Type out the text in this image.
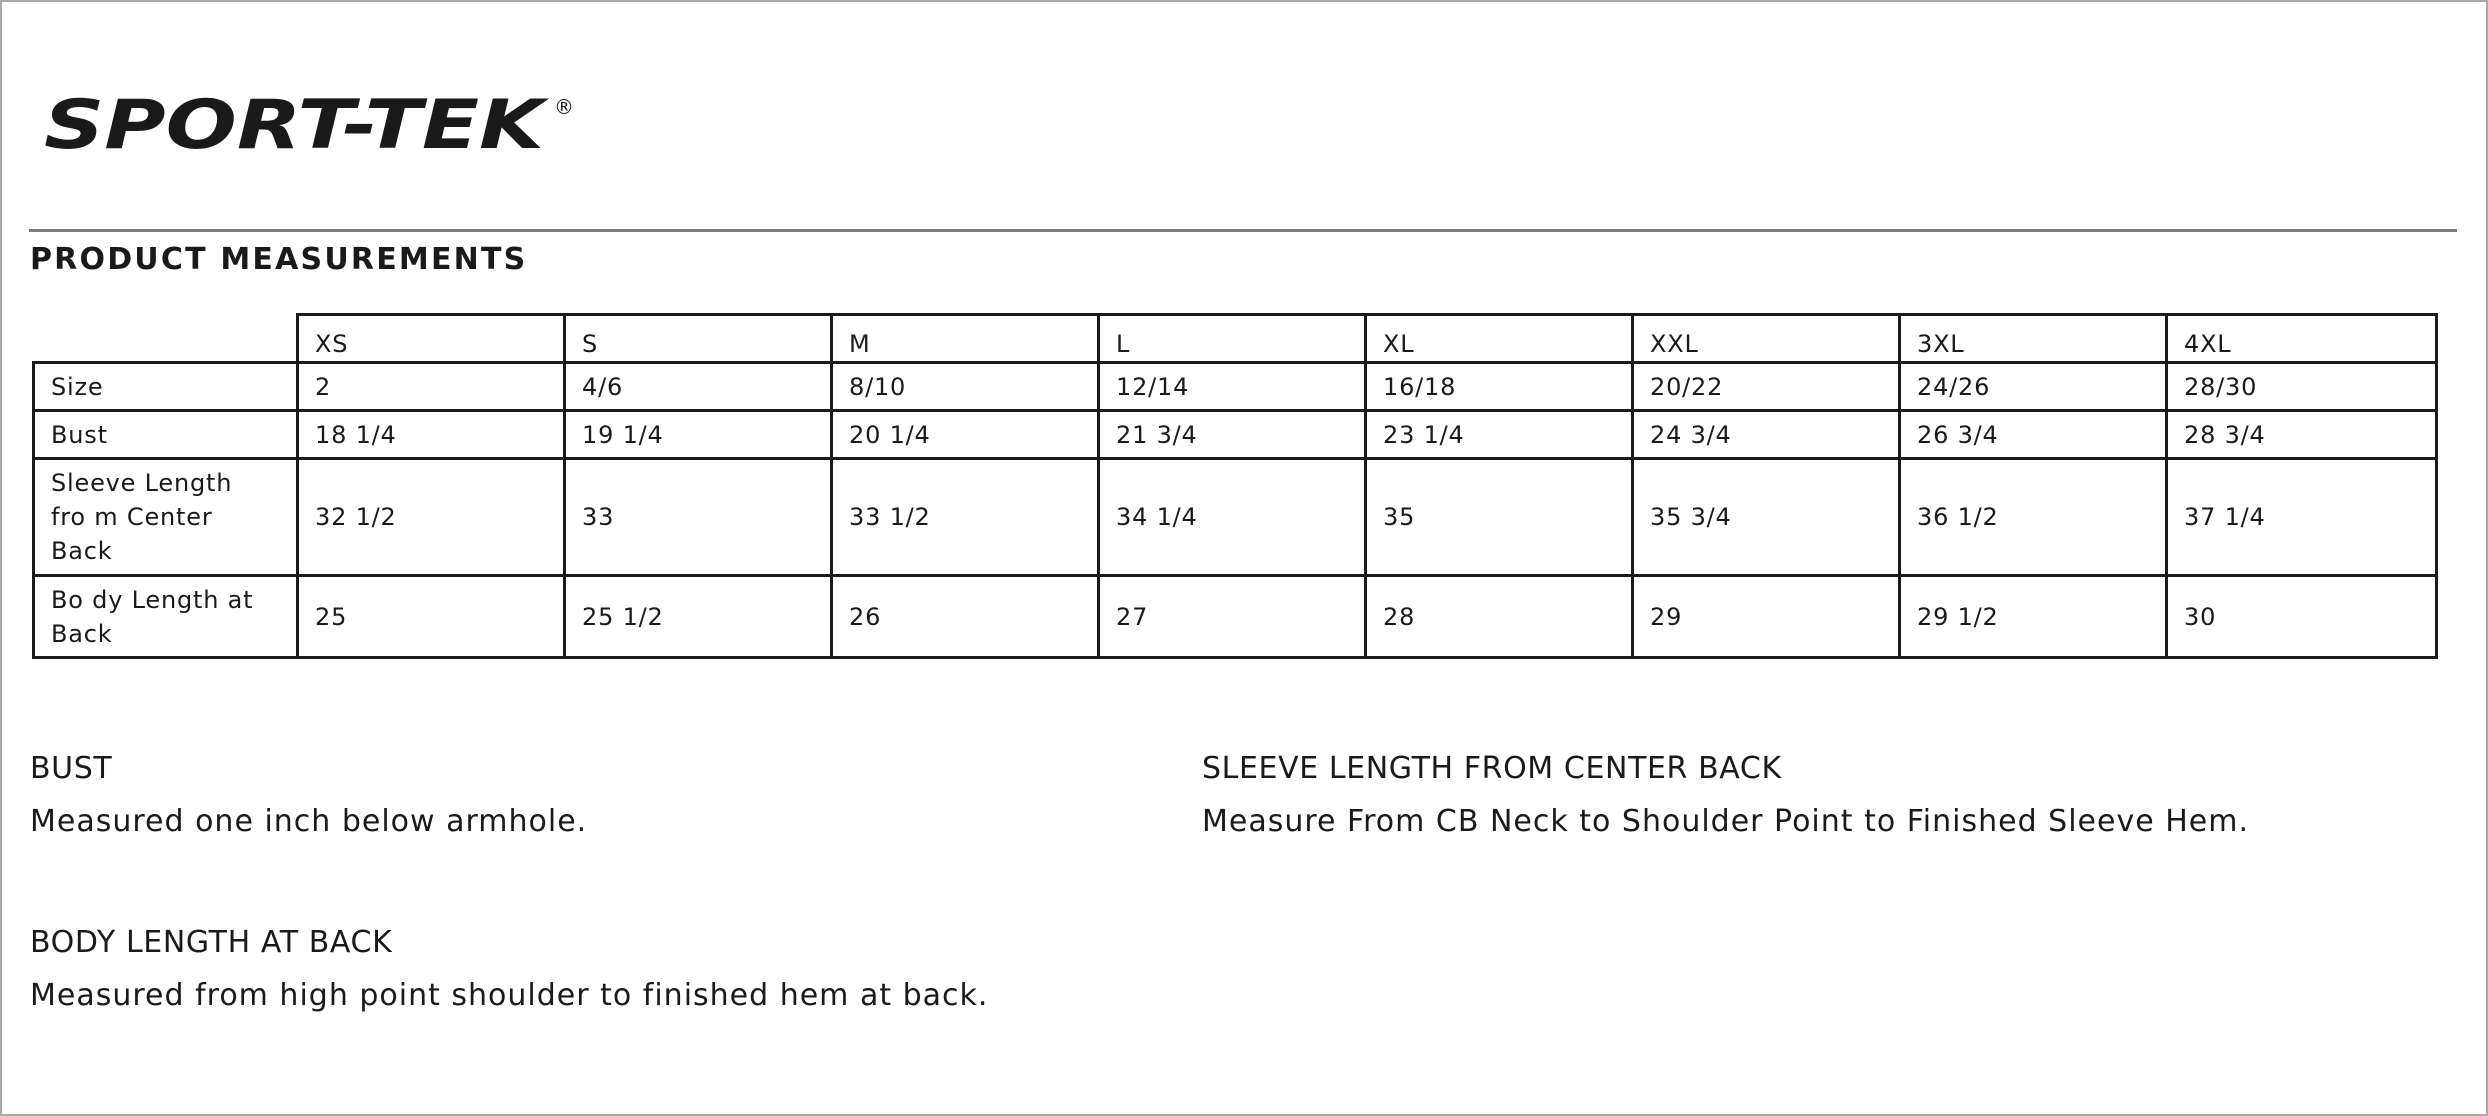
SPORT-TEK ®
PRODUCT MEASUREMENTS
	XS	S	M	L	XL	XXL	3XL	4XL
Size	2	4/6	8/10	12/14	16/18	20/22	24/26	28/30
Bust	18 1/4	19 1/4	20 1/4	21 3/4	23 1/4	24 3/4	26 3/4	28 3/4
Sleeve Length
fro m Center
Back	32 1/2	33	33 1/2	34 1/4	35	35 3/4	36 1/2	37 1/4
Bo dy Length at
Back	25	25 1/2	26	27	28	29	29 1/2	30
BUST
Measured one inch below armhole.
SLEEVE LENGTH FROM CENTER BACK
Measure From CB Neck to Shoulder Point to Finished Sleeve Hem.
BODY LENGTH AT BACK
Measured from high point shoulder to finished hem at back.
